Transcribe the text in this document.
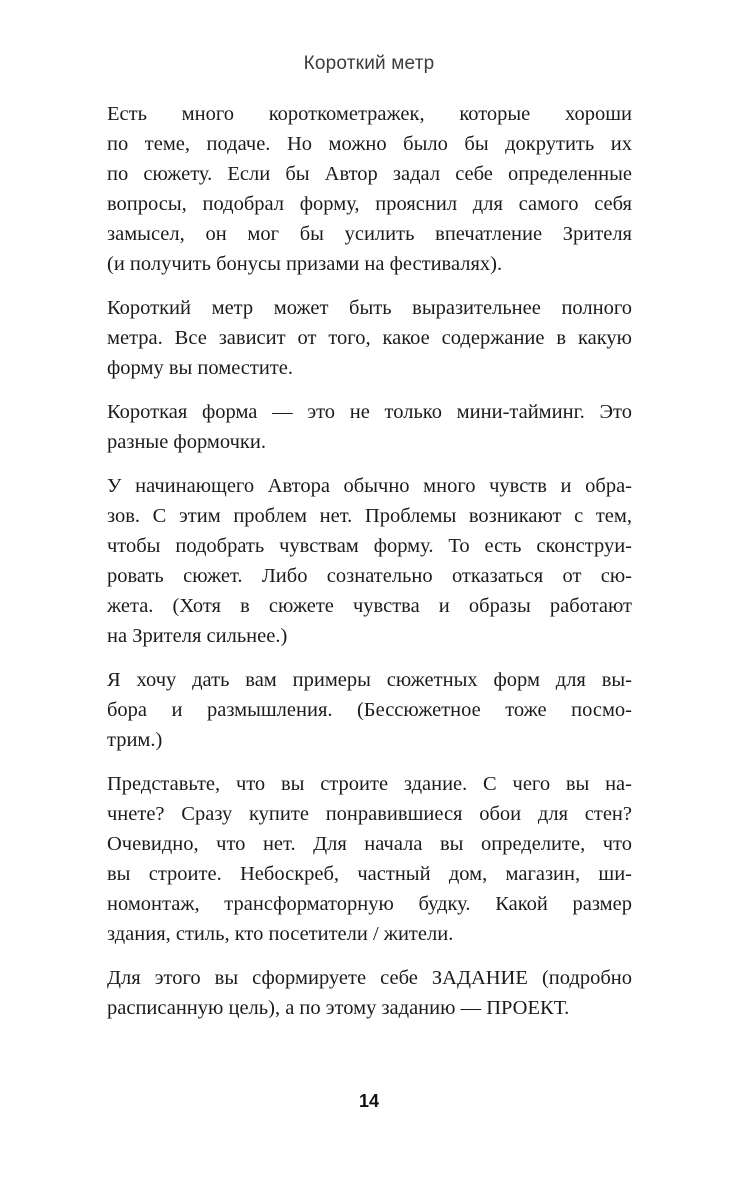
Короткий метр
Есть много короткометражек, которые хороши
по теме, подаче. Но можно было бы докрутить их
по сюжету. Если бы Автор задал себе определенные
вопросы, подобрал форму, прояснил для самого себя
замысел, он мог бы усилить впечатление Зрителя
(и получить бонусы призами на фестивалях).
Короткий метр может быть выразительнее полного
метра. Все зависит от того, какое содержание в какую
форму вы поместите.
Короткая форма — это не только мини-тайминг. Это
разные формочки.
У начинающего Автора обычно много чувств и обра-
зов. С этим проблем нет. Проблемы возникают с тем,
чтобы подобрать чувствам форму. То есть сконструи-
ровать сюжет. Либо сознательно отказаться от сю-
жета. (Хотя в сюжете чувства и образы работают
на Зрителя сильнее.)
Я хочу дать вам примеры сюжетных форм для вы-
бора и размышления. (Бессюжетное тоже посмо-
трим.)
Представьте, что вы строите здание. С чего вы на-
чнете? Сразу купите понравившиеся обои для стен?
Очевидно, что нет. Для начала вы определите, что
вы строите. Небоскреб, частный дом, магазин, ши-
номонтаж, трансформаторную будку. Какой размер
здания, стиль, кто посетители / жители.
Для этого вы сформируете себе ЗАДАНИЕ (подробно
расписанную цель), а по этому заданию — ПРОЕКТ.
14
